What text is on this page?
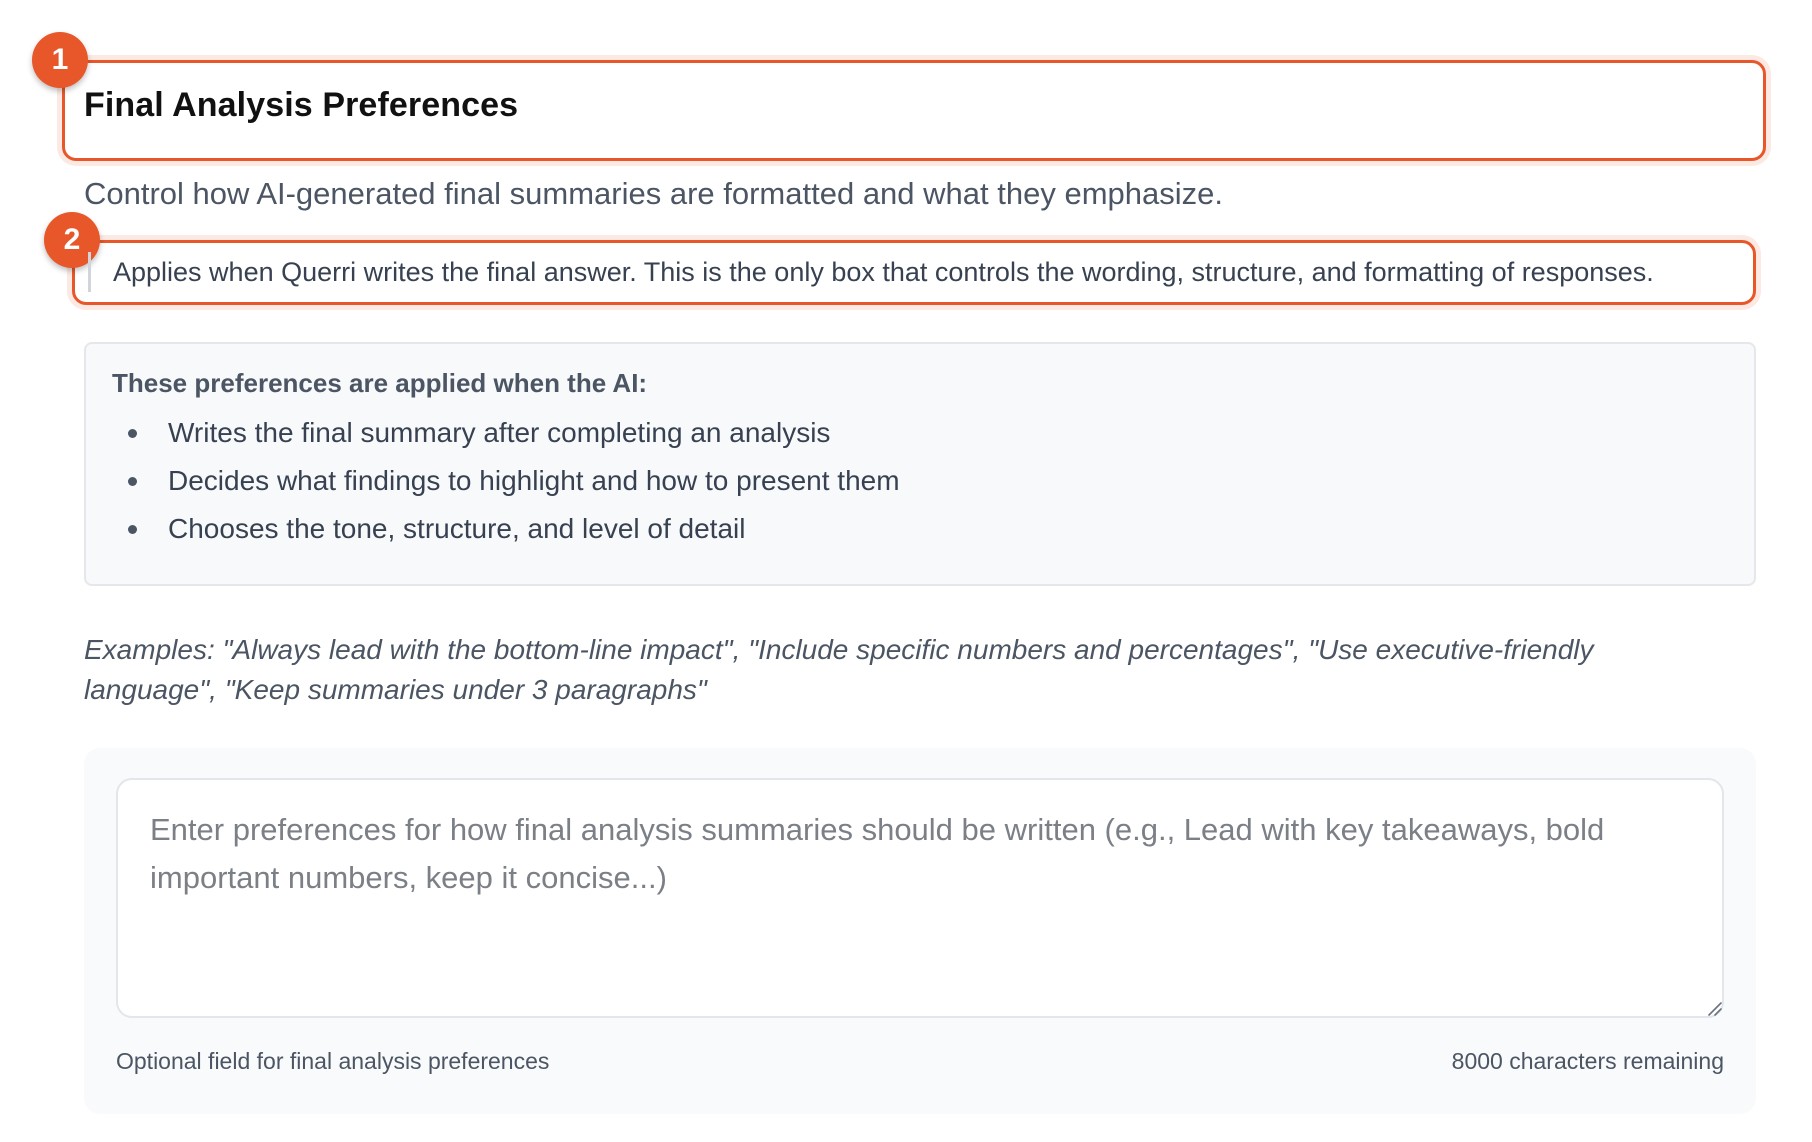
1
Final Analysis Preferences

Control how AI-generated final summaries are formatted and what they emphasize.

2
Applies when Querri writes the final answer. This is the only box that controls the wording, structure, and formatting of responses.

These preferences are applied when the AI:

Writes the final summary after completing an analysis
Decides what findings to highlight and how to present them
Chooses the tone, structure, and level of detail

Examples: "Always lead with the bottom-line impact", "Include specific numbers and percentages", "Use executive-friendly language", "Keep summaries under 3 paragraphs"

Enter preferences for how final analysis summaries should be written (e.g., Lead with key takeaways, bold important numbers, keep it concise...)
Optional field for final analysis preferences	8000 characters remaining
